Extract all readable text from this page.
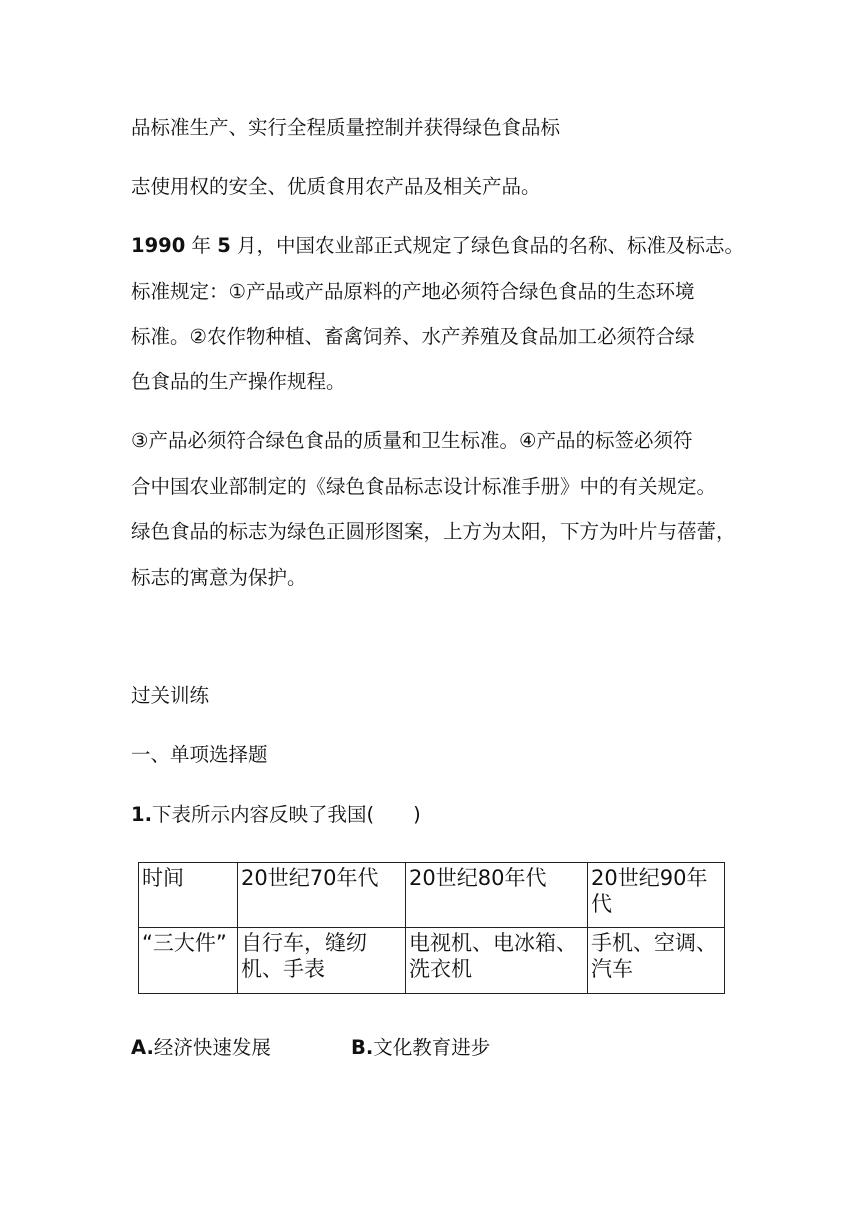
品标准生产、实行全程质量控制并获得绿色食品标
志使用权的安全、优质食用农产品及相关产品。
1990 年 5 月，中国农业部正式规定了绿色食品的名称、标准及标志。
标准规定：①产品或产品原料的产地必须符合绿色食品的生态环境
标准。②农作物种植、畜禽饲养、水产养殖及食品加工必须符合绿
色食品的生产操作规程。
③产品必须符合绿色食品的质量和卫生标准。④产品的标签必须符
合中国农业部制定的《绿色食品标志设计标准手册》中的有关规定。
绿色食品的标志为绿色正圆形图案，上方为太阳，下方为叶片与蓓蕾，
标志的寓意为保护。
过关训练
一、单项选择题
1.下表所示内容反映了我国(　　)
时间	20世纪70年代	20世纪80年代	20世纪90年代
“三大件”	自行车，缝纫机、手表	电视机、电冰箱、洗衣机	手机、空调、汽车
A.经济快速发展	B.文化教育进步
